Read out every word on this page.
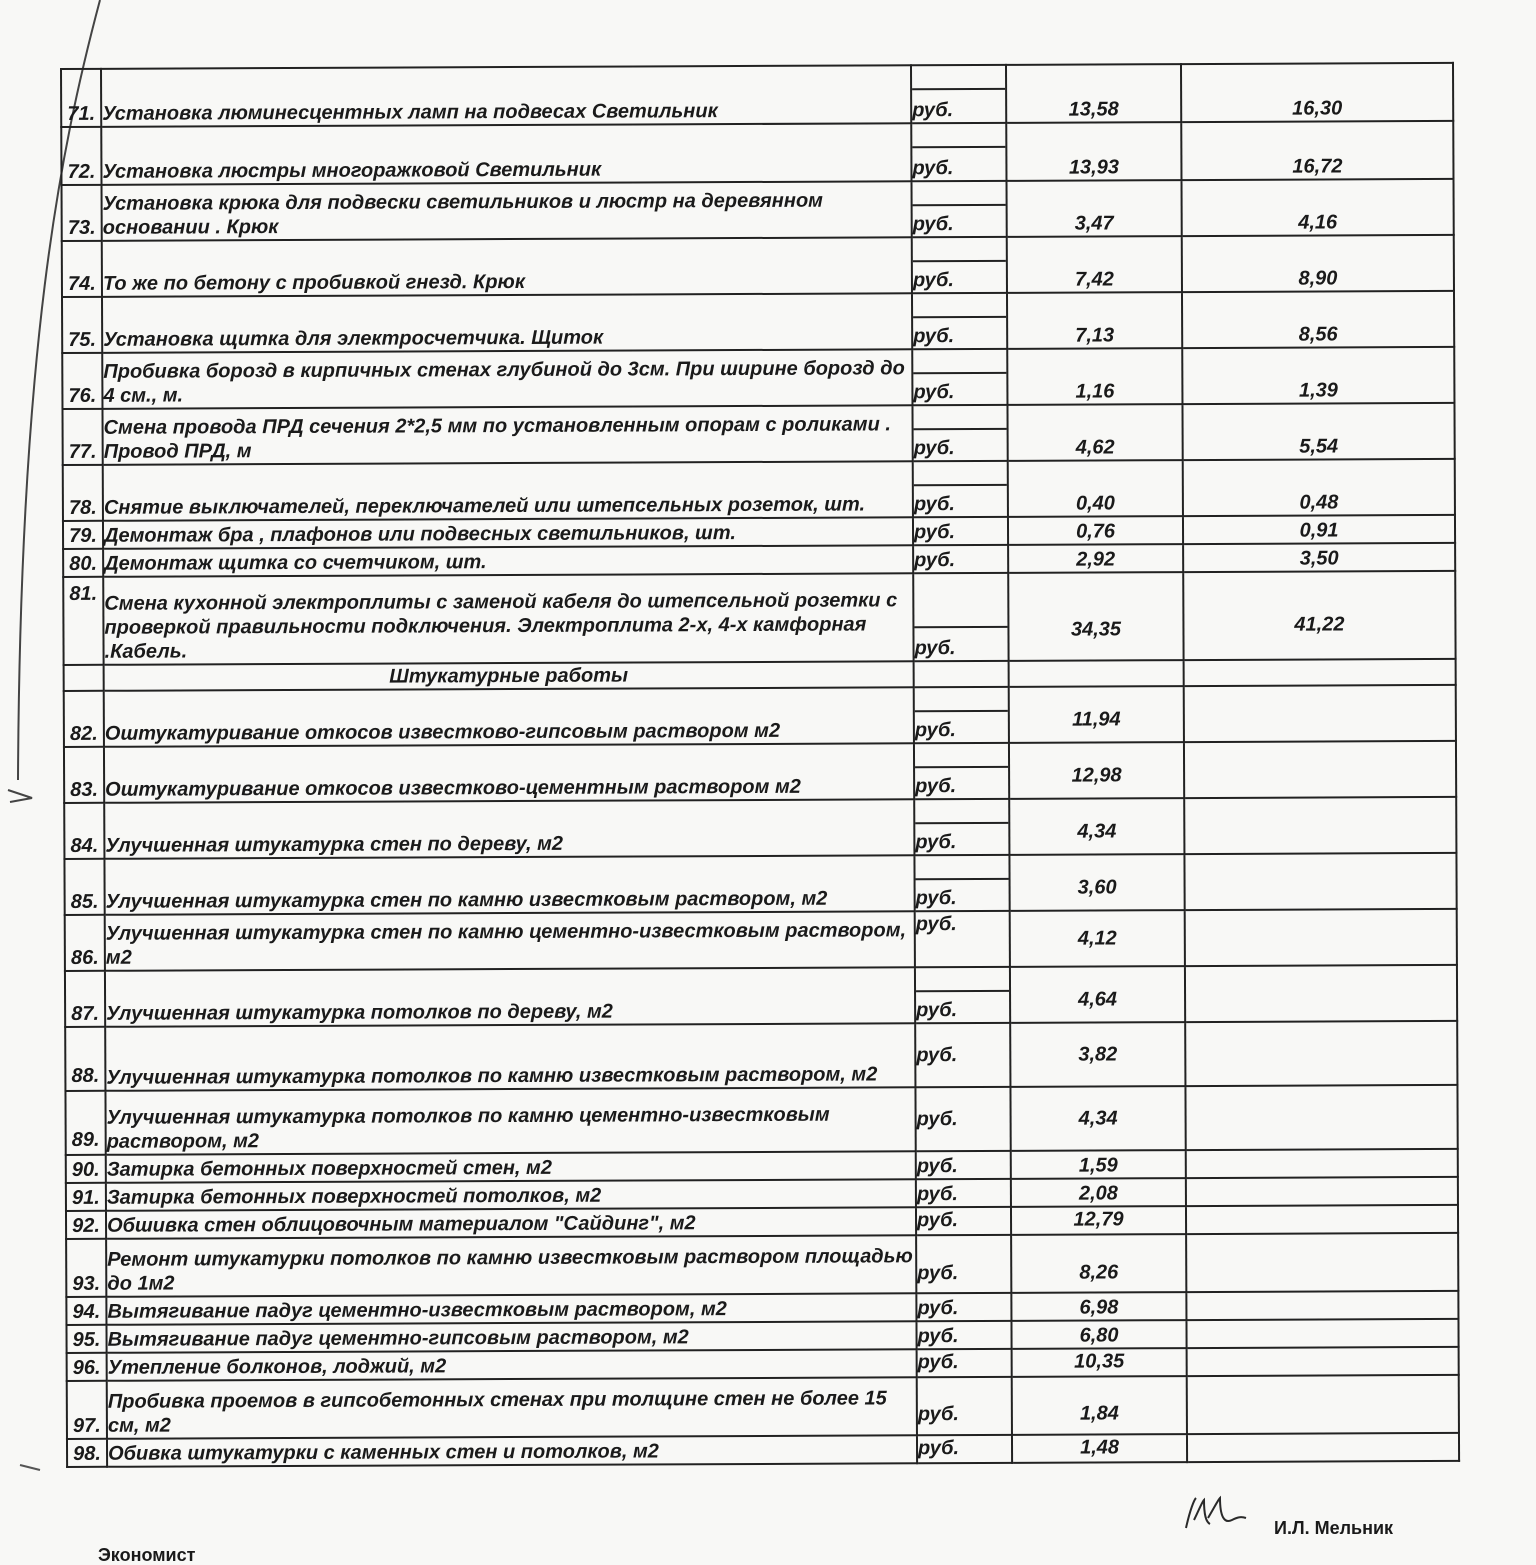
71.	Установка люминесцентных ламп на подвесах Светильник	руб.	13,58	16,30
72.	Установка люстры многоражковой Светильник	руб.	13,93	16,72
73.	Установка крюка для подвески светильников и люстр на деревянном основании . Крюк	руб.	3,47	4,16
74.	То же по бетону с пробивкой гнезд. Крюк	руб.	7,42	8,90
75.	Установка щитка для электросчетчика. Щиток	руб.	7,13	8,56
76.	Пробивка борозд в кирпичных стенах глубиной до 3см. При ширине борозд до 4 см., м.	руб.	1,16	1,39
77.	Смена провода ПРД сечения 2*2,5 мм по установленным опорам с роликами . Провод ПРД, м	руб.	4,62	5,54
78.	Снятие выключателей, переключателей или штепсельных розеток, шт.	руб.	0,40	0,48
79.	Демонтаж бра , плафонов или подвесных светильников, шт.	руб.	0,76	0,91
80.	Демонтаж щитка со счетчиком, шт.	руб.	2,92	3,50
81.	Смена кухонной электроплиты с заменой кабеля до штепсельной розетки с проверкой правильности подключения. Электроплита 2-х, 4-х камфорная .Кабель.	руб.	34,35	41,22
	Штукатурные работы			
82.	Оштукатуривание откосов известково-гипсовым раствором м2	руб.	11,94	
83.	Оштукатуривание откосов известково-цементным раствором м2	руб.	12,98	
84.	Улучшенная штукатурка стен по дереву, м2	руб.	4,34	
85.	Улучшенная штукатурка стен по камню известковым раствором, м2	руб.	3,60	
86.	Улучшенная штукатурка стен по камню цементно-известковым раствором, м2	руб.	4,12	
87.	Улучшенная штукатурка потолков по дереву, м2	руб.	4,64	
88.	Улучшенная штукатурка потолков по камню известковым раствором, м2	руб.	3,82	
89.	Улучшенная штукатурка потолков по камню цементно-известковым раствором, м2	руб.	4,34	
90.	Затирка бетонных поверхностей стен, м2	руб.	1,59	
91.	Затирка бетонных поверхностей потолков, м2	руб.	2,08	
92.	Обшивка стен облицовочным материалом "Сайдинг", м2	руб.	12,79	
93.	Ремонт штукатурки потолков по камню известковым раствором площадью до 1м2	руб.	8,26	
94.	Вытягивание падуг цементно-известковым раствором, м2	руб.	6,98	
95.	Вытягивание падуг цементно-гипсовым раствором, м2	руб.	6,80	
96.	Утепление болконов, лоджий, м2	руб.	10,35	
97.	Пробивка проемов в гипсобетонных стенах при толщине стен не более 15 см, м2	руб.	1,84	
98.	Обивка штукатурки с каменных стен и потолков, м2	руб.	1,48	
И.Л. Мельник
Экономист
